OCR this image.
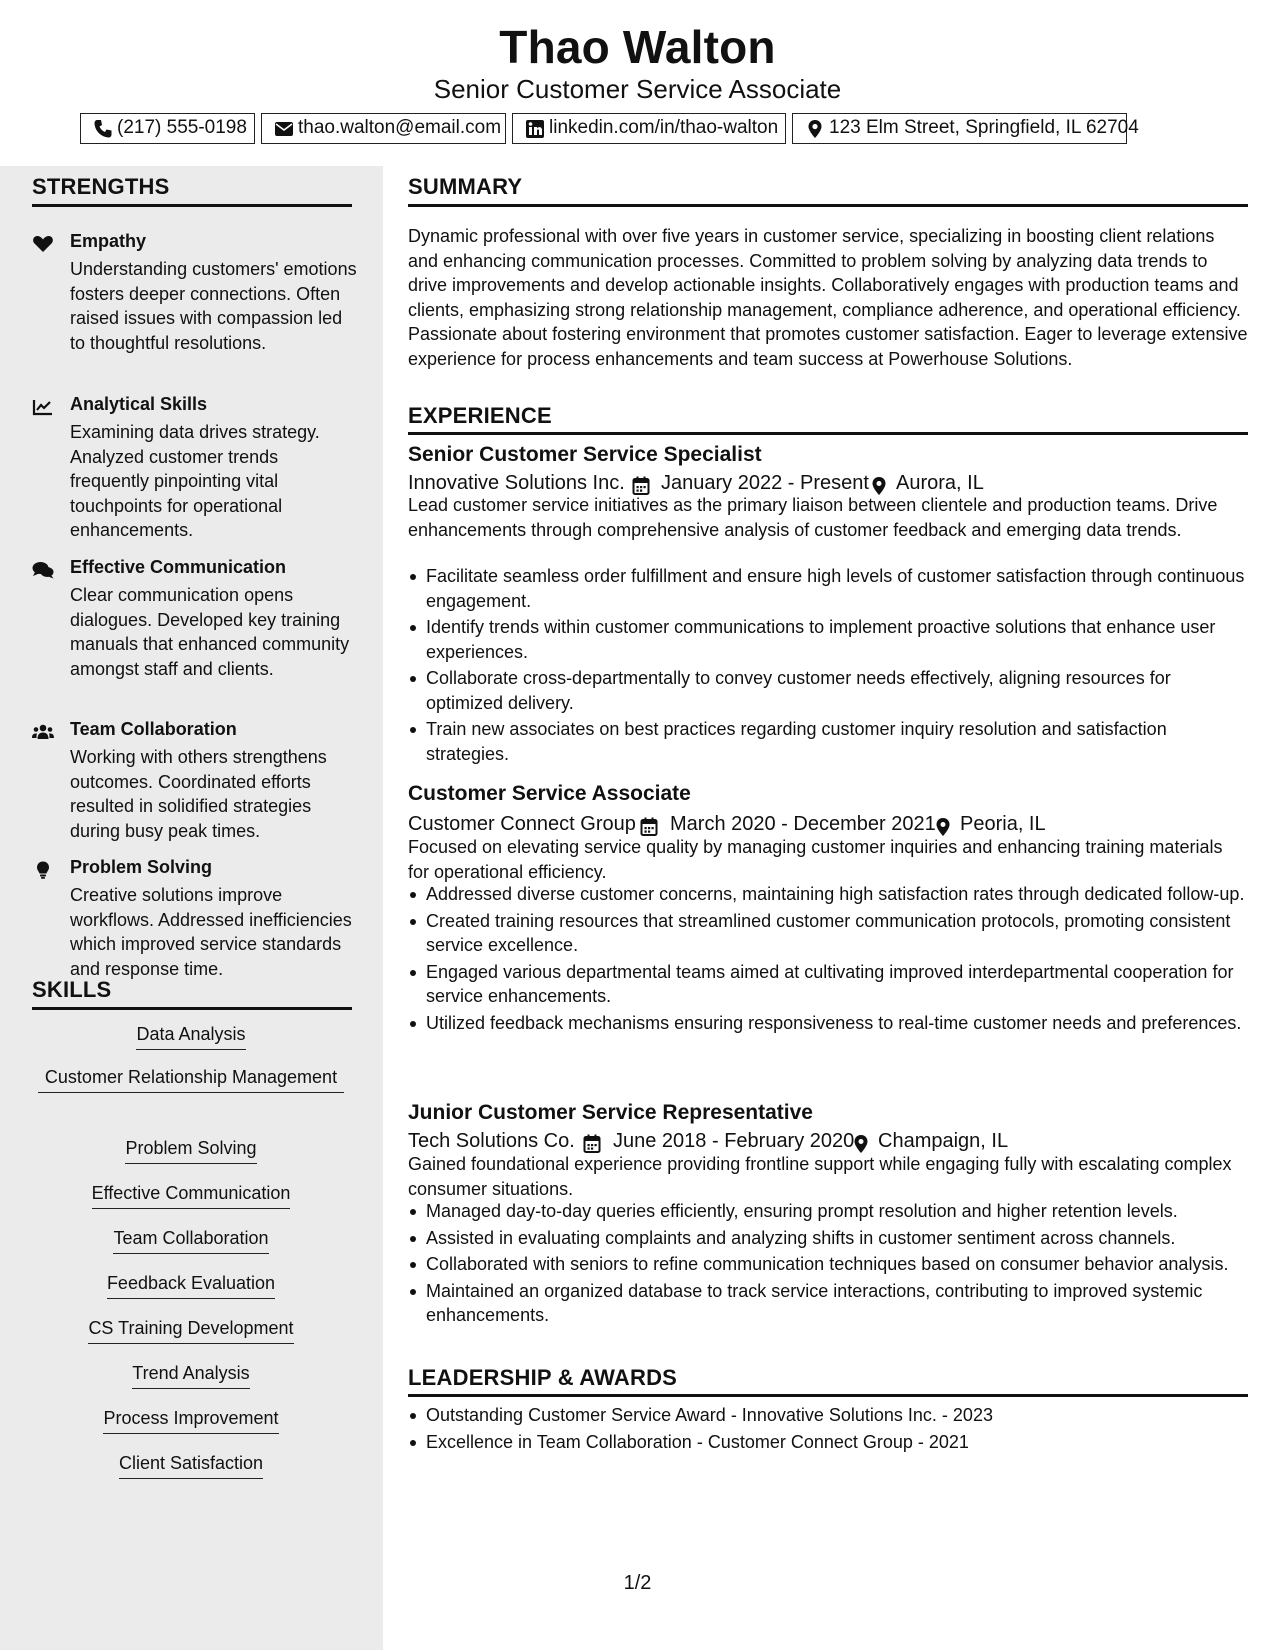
Thao Walton
Senior Customer Service Associate
(217) 555-0198	thao.walton@email.com	linkedin.com/in/thao-walton	123 Elm Street, Springfield, IL 62704
STRENGTHS
Empathy
Understanding customers' emotions fosters deeper connections. Often raised issues with compassion led to thoughtful resolutions.
Analytical Skills
Examining data drives strategy. Analyzed customer trends frequently pinpointing vital touchpoints for operational enhancements.
Effective Communication
Clear communication opens dialogues. Developed key training manuals that enhanced community amongst staff and clients.
Team Collaboration
Working with others strengthens outcomes. Coordinated efforts resulted in solidified strategies during busy peak times.
Problem Solving
Creative solutions improve workflows. Addressed inefficiencies which improved service standards and response time.
SKILLS
Data Analysis
Customer Relationship Management
Problem Solving
Effective Communication
Team Collaboration
Feedback Evaluation
CS Training Development
Trend Analysis
Process Improvement
Client Satisfaction
SUMMARY
Dynamic professional with over five years in customer service, specializing in boosting client relations and enhancing communication processes. Committed to problem solving by analyzing data trends to drive improvements and develop actionable insights. Collaboratively engages with production teams and clients, emphasizing strong relationship management, compliance adherence, and operational efficiency. Passionate about fostering environment that promotes customer satisfaction. Eager to leverage extensive experience for process enhancements and team success at Powerhouse Solutions.
EXPERIENCE
Senior Customer Service Specialist
Innovative Solutions Inc. January 2022 - Present Aurora, IL
Lead customer service initiatives as the primary liaison between clientele and production teams. Drive enhancements through comprehensive analysis of customer feedback and emerging data trends.
Facilitate seamless order fulfillment and ensure high levels of customer satisfaction through continuous engagement.
Identify trends within customer communications to implement proactive solutions that enhance user experiences.
Collaborate cross-departmentally to convey customer needs effectively, aligning resources for optimized delivery.
Train new associates on best practices regarding customer inquiry resolution and satisfaction strategies.
Customer Service Associate
Customer Connect Group March 2020 - December 2021 Peoria, IL
Focused on elevating service quality by managing customer inquiries and enhancing training materials for operational efficiency.
Addressed diverse customer concerns, maintaining high satisfaction rates through dedicated follow-up.
Created training resources that streamlined customer communication protocols, promoting consistent service excellence.
Engaged various departmental teams aimed at cultivating improved interdepartmental cooperation for service enhancements.
Utilized feedback mechanisms ensuring responsiveness to real-time customer needs and preferences.
Junior Customer Service Representative
Tech Solutions Co. June 2018 - February 2020 Champaign, IL
Gained foundational experience providing frontline support while engaging fully with escalating complex consumer situations.
Managed day-to-day queries efficiently, ensuring prompt resolution and higher retention levels.
Assisted in evaluating complaints and analyzing shifts in customer sentiment across channels.
Collaborated with seniors to refine communication techniques based on consumer behavior analysis.
Maintained an organized database to track service interactions, contributing to improved systemic enhancements.
LEADERSHIP & AWARDS
Outstanding Customer Service Award - Innovative Solutions Inc. - 2023
Excellence in Team Collaboration - Customer Connect Group - 2021
1/2
